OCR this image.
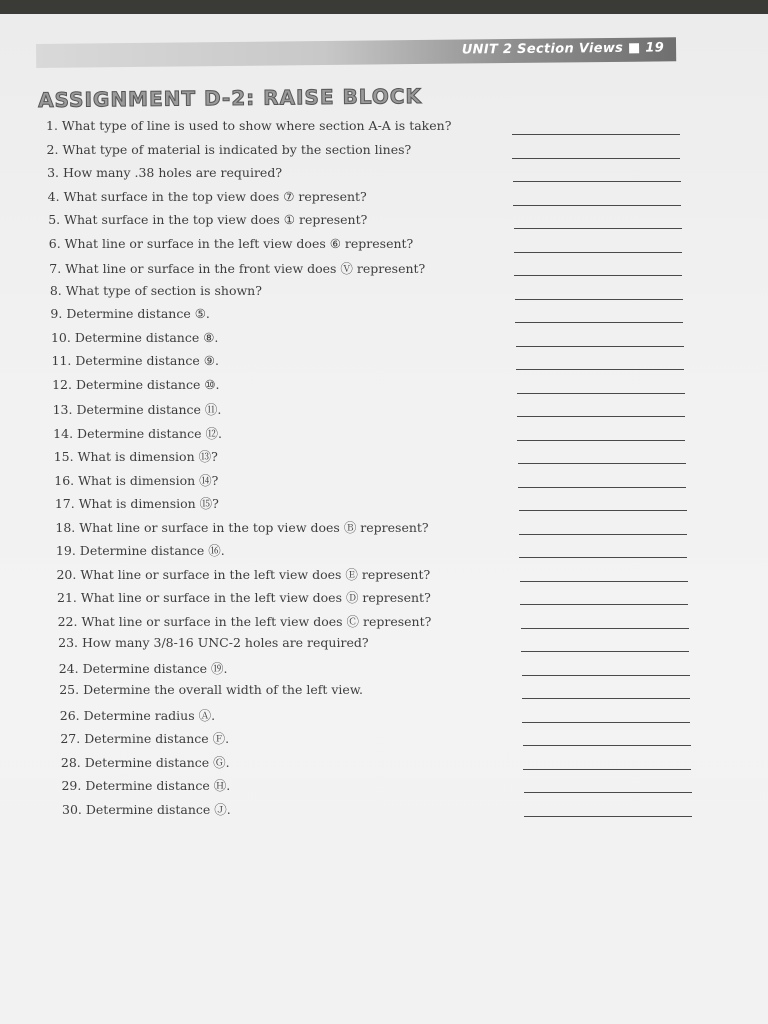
UNIT 2 Section Views ■ 19
ASSIGNMENT D-2: RAISE BLOCK
1. What type of line is used to show where section A-A is taken?
2. What type of material is indicated by the section lines?
3. How many .38 holes are required?
4. What surface in the top view does ⑦ represent?
5. What surface in the top view does ① represent?
6. What line or surface in the left view does ⑥ represent?
7. What line or surface in the front view does Ⓥ represent?
8. What type of section is shown?
9. Determine distance ⑤.
10. Determine distance ⑧.
11. Determine distance ⑨.
12. Determine distance ⑩.
13. Determine distance ⑪.
14. Determine distance ⑫.
15. What is dimension ⑬?
16. What is dimension ⑭?
17. What is dimension ⑮?
18. What line or surface in the top view does Ⓑ represent?
19. Determine distance ⑯.
20. What line or surface in the left view does Ⓔ represent?
21. What line or surface in the left view does Ⓓ represent?
22. What line or surface in the left view does Ⓒ represent?
23. How many 3/8-16 UNC-2 holes are required?
24. Determine distance ⑲.
25. Determine the overall width of the left view.
26. Determine radius Ⓐ.
27. Determine distance Ⓕ.
28. Determine distance Ⓖ.
29. Determine distance Ⓗ.
30. Determine distance Ⓙ.
